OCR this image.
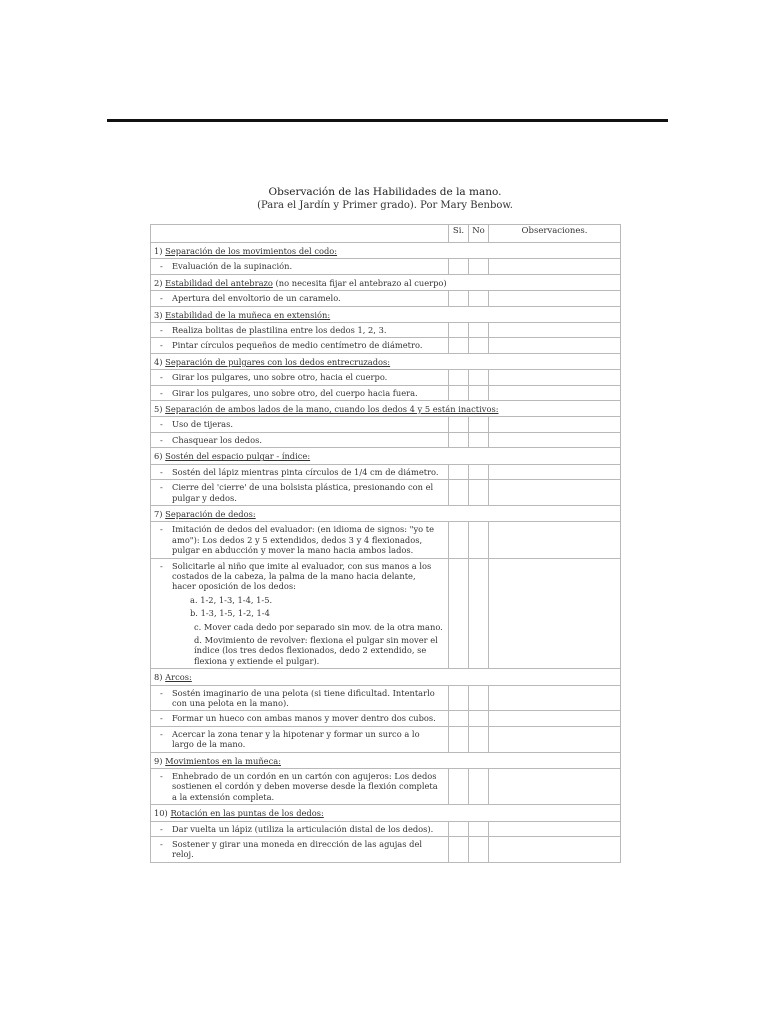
Observación de las Habilidades de la mano.
(Para el Jardín y Primer grado). Por Mary Benbow.
	Si.	No	Observaciones.
1) Separación de los movimientos del codo:			
- Evaluación de la supinación.			
2) Estabilidad del antebrazo (no necesita fijar el antebrazo al cuerpo)			
- Apertura del envoltorio de un caramelo.			
3) Estabilidad de la muñeca en extensión:			
- Realiza bolitas de plastilina entre los dedos 1, 2, 3.			
- Pintar círculos pequeños de medio centímetro de diámetro.			
4) Separación de pulgares con los dedos entrecruzados:			
- Girar los pulgares, uno sobre otro, hacia el cuerpo.			
- Girar los pulgares, uno sobre otro, del cuerpo hacia fuera.			
5) Separación de ambos lados de la mano, cuando los dedos 4 y 5 están inactivos:			
- Uso de tijeras.			
- Chasquear los dedos.			
6) Sostén del espacio pulgar - índice:			
- Sostén del lápiz mientras pinta círculos de 1/4 cm de diámetro.			
- Cierre del 'cierre' de una bolsista plástica, presionando con el pulgar y dedos.			
7) Separación de dedos:			
- Imitación de dedos del evaluador: (en idioma de signos: "yo te amo"): Los dedos 2 y 5 extendidos, dedos 3 y 4 flexionados, pulgar en abducción y mover la mano hacia ambos lados.			
- Solicitarle al niño que imite al evaluador, con sus manos a los costados de la cabeza, la palma de la mano hacia delante, hacer oposición de los dedos:
a. 1-2, 1-3, 1-4, 1-5.
b. 1-3, 1-5, 1-2, 1-4
c. Mover cada dedo por separado sin mov. de la otra mano.
d. Movimiento de revolver: flexiona el pulgar sin mover el índice (los tres dedos flexionados, dedo 2 extendido, se flexiona y extiende el pulgar).			

8) Arcos:			
- Sostén imaginario de una pelota (si tiene dificultad. Intentarlo con una pelota en la mano).			
- Formar un hueco con ambas manos y mover dentro dos cubos.			
- Acercar la zona tenar y la hipotenar y formar un surco a lo largo de la mano.			
9) Movimientos en la muñeca:			
- Enhebrado de un cordón en un cartón con agujeros: Los dedos sostienen el cordón y deben moverse desde la flexión completa a la extensión completa.			
10) Rotación en las puntas de los dedos:			
- Dar vuelta un lápiz (utiliza la articulación distal de los dedos).			
- Sostener y girar una moneda en dirección de las agujas del reloj.			
